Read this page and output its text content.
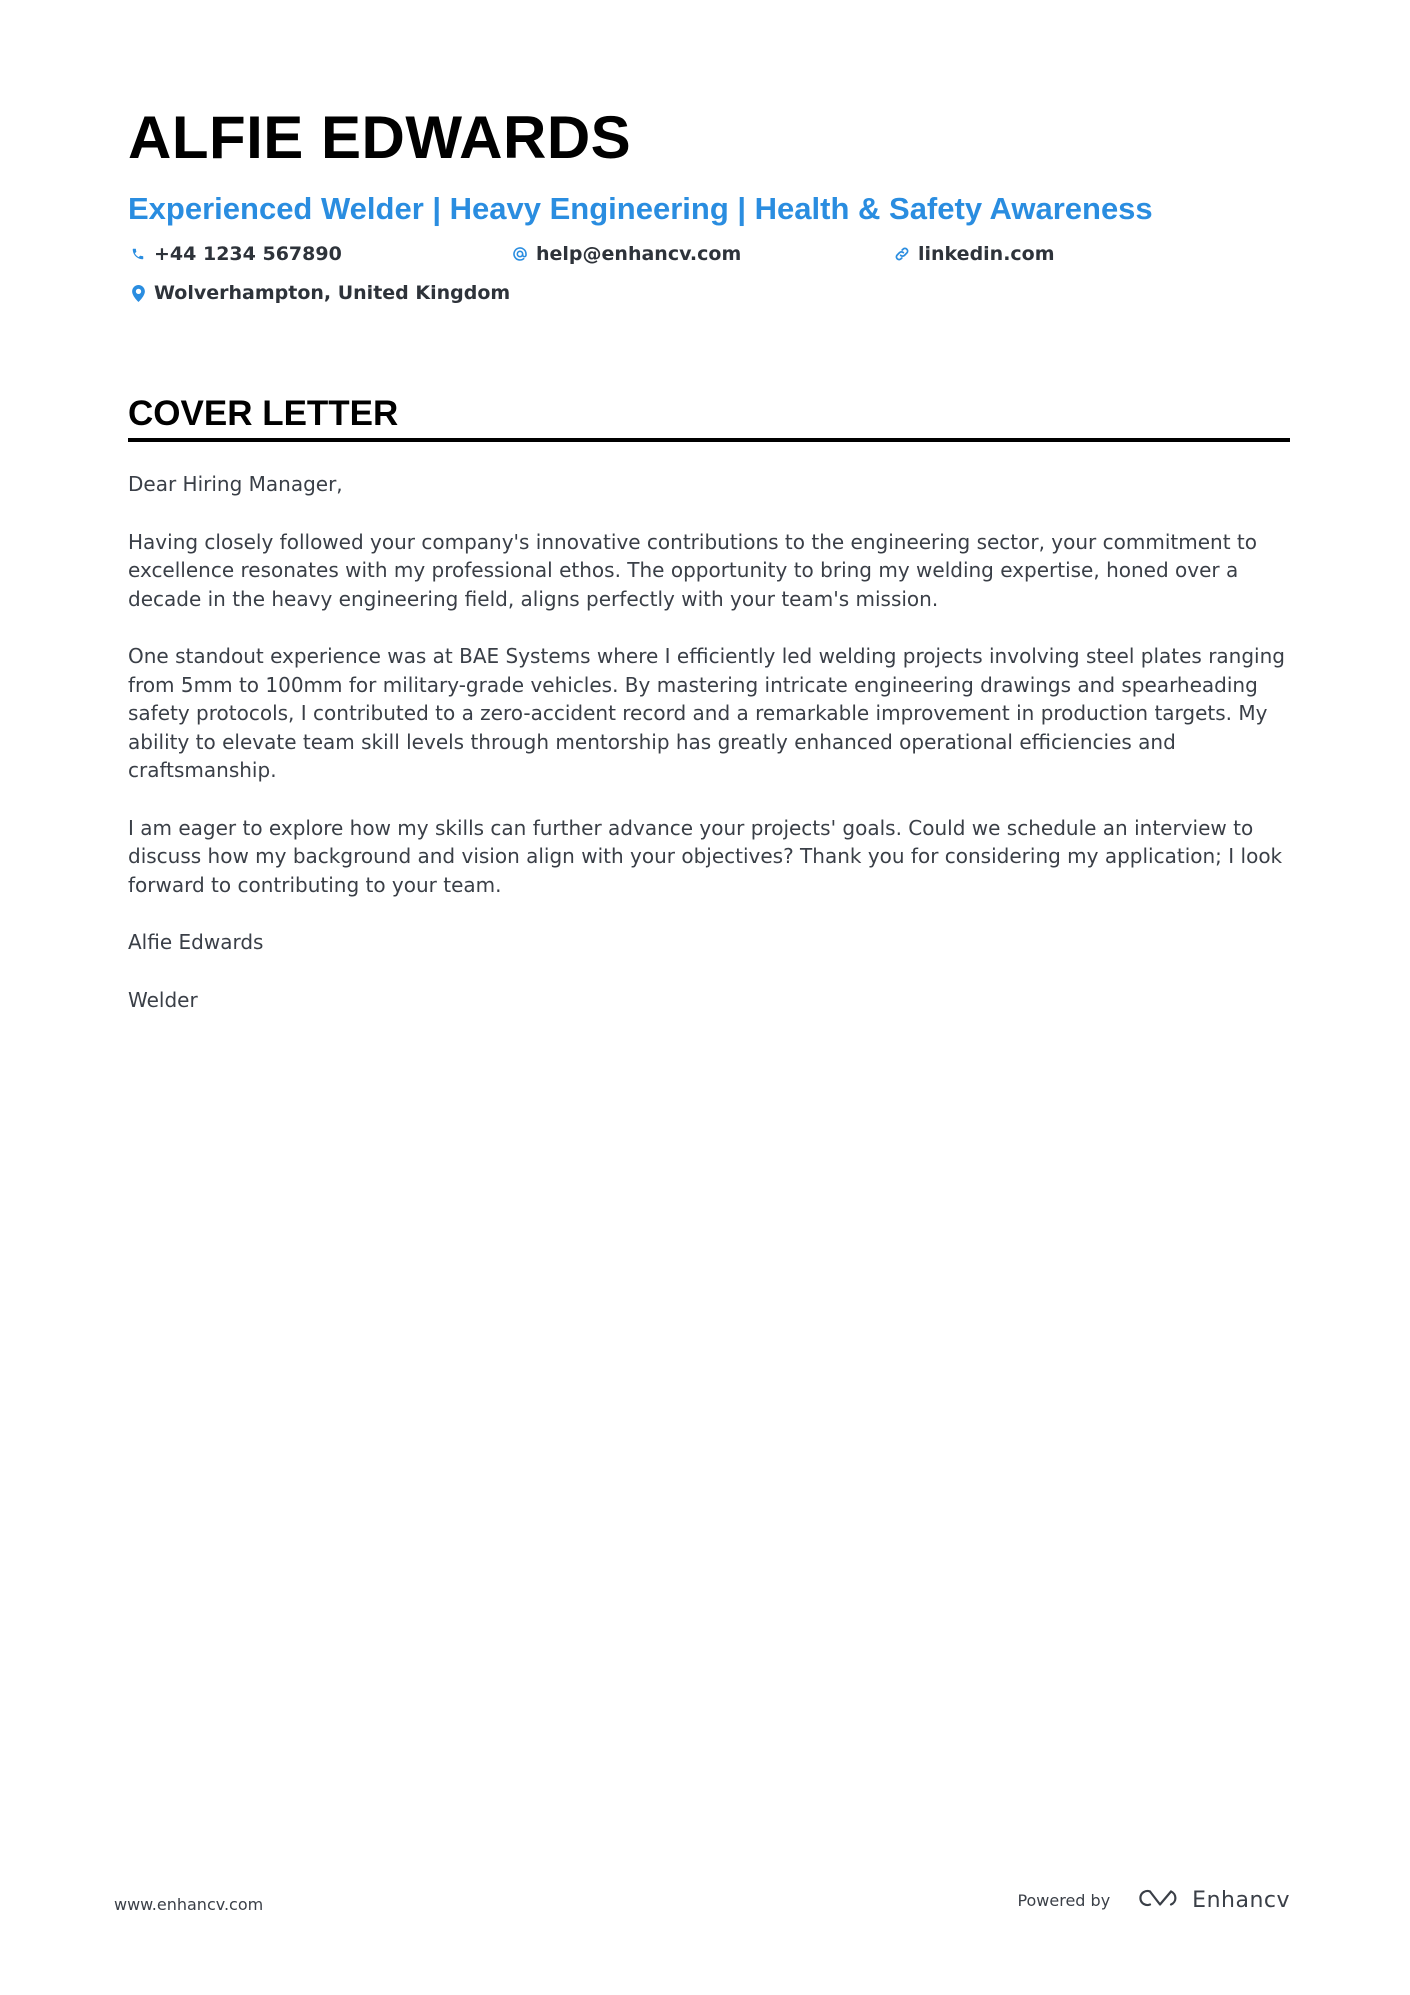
ALFIE EDWARDS
Experienced Welder | Heavy Engineering | Health & Safety Awareness
+44 1234 567890	help@enhancv.com	linkedin.com
Wolverhampton, United Kingdom
COVER LETTER

Dear Hiring Manager,

Having closely followed your company's innovative contributions to the engineering sector, your commitment to excellence resonates with my professional ethos. The opportunity to bring my welding expertise, honed over a decade in the heavy engineering field, aligns perfectly with your team's mission.

One standout experience was at BAE Systems where I efficiently led welding projects involving steel plates ranging from 5mm to 100mm for military-grade vehicles. By mastering intricate engineering drawings and spearheading safety protocols, I contributed to a zero-accident record and a remarkable improvement in production targets. My ability to elevate team skill levels through mentorship has greatly enhanced operational efficiencies and craftsmanship.

I am eager to explore how my skills can further advance your projects' goals. Could we schedule an interview to discuss how my background and vision align with your objectives? Thank you for considering my application; I look forward to contributing to your team.

Alfie Edwards

Welder

www.enhancv.com	Powered by	Enhancv
